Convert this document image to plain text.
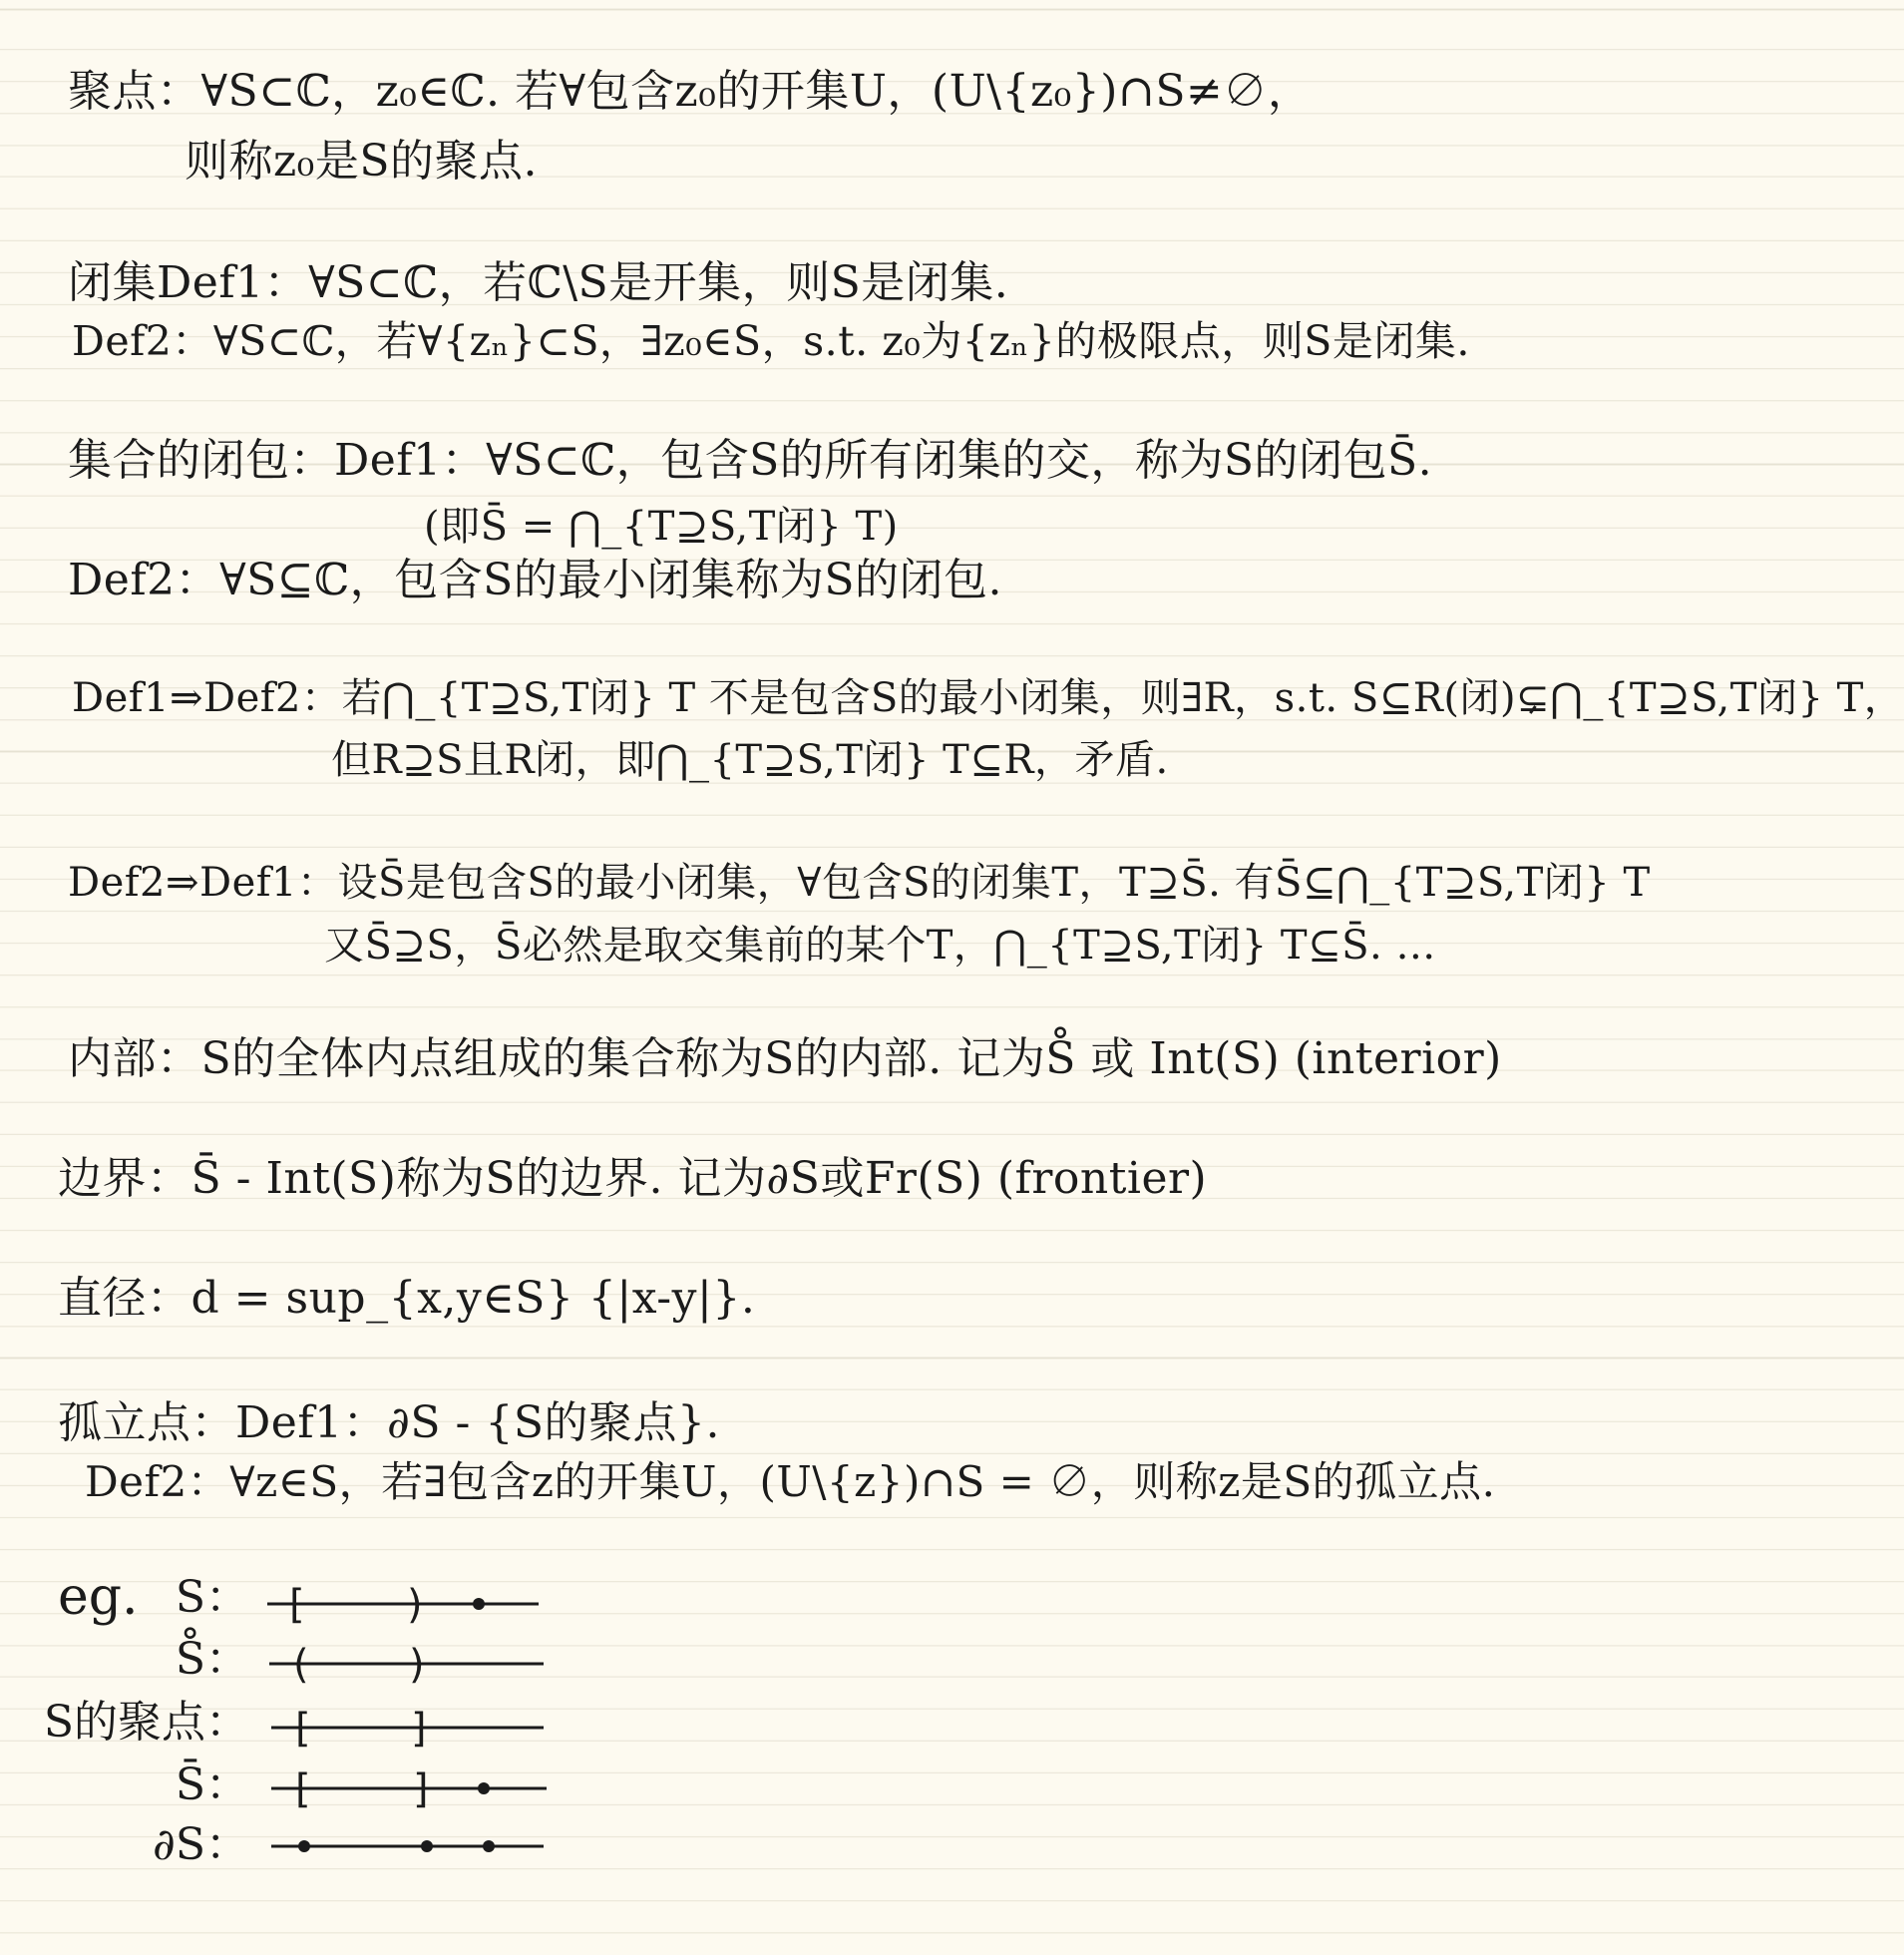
聚点：∀S⊂ℂ，z₀∈ℂ. 若∀包含z₀的开集U，(U\{z₀})∩S≠∅，
则称z₀是S的聚点.
闭集Def1：∀S⊂ℂ，若ℂ\S是开集，则S是闭集.
Def2：∀S⊂ℂ，若∀{zₙ}⊂S，∃z₀∈S，s.t. z₀为{zₙ}的极限点，则S是闭集.
集合的闭包：Def1：∀S⊂ℂ，包含S的所有闭集的交，称为S的闭包S̄.
(即S̄ = ⋂_{T⊇S,T闭} T)
Def2：∀S⊆ℂ，包含S的最小闭集称为S的闭包.
Def1⇒Def2：若⋂_{T⊇S,T闭} T 不是包含S的最小闭集，则∃R，s.t. S⊆R(闭)⊊⋂_{T⊇S,T闭} T，
但R⊇S且R闭，即⋂_{T⊇S,T闭} T⊆R，矛盾.
Def2⇒Def1：设S̄是包含S的最小闭集，∀包含S的闭集T，T⊇S̄. 有S̄⊆⋂_{T⊇S,T闭} T
又S̄⊇S，S̄必然是取交集前的某个T，⋂_{T⊇S,T闭} T⊆S̄. …
内部：S的全体内点组成的集合称为S的内部. 记为S̊ 或 Int(S) (interior)
边界：S̄ - Int(S)称为S的边界. 记为∂S或Fr(S) (frontier)
直径：d = sup_{x,y∈S} {|x-y|}.
孤立点：Def1：∂S - {S的聚点}.
Def2：∀z∈S，若∃包含z的开集U，(U\{z})∩S = ∅，则称z是S的孤立点.
eg. S：
S̊：
S的聚点：
S̄：
∂S：
[	)
(	)
[	]
[	]
